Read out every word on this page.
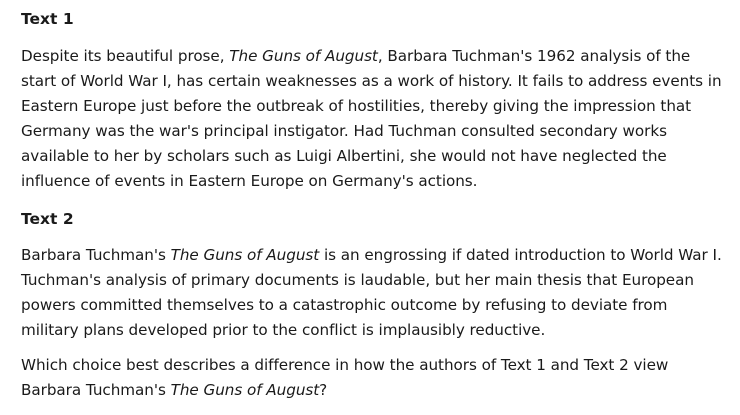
Text 1

Despite its beautiful prose, The Guns of August, Barbara Tuchman's 1962 analysis of the start of World War I, has certain weaknesses as a work of history. It fails to address events in Eastern Europe just before the outbreak of hostilities, thereby giving the impression that Germany was the war's principal instigator. Had Tuchman consulted secondary works available to her by scholars such as Luigi Albertini, she would not have neglected the influence of events in Eastern Europe on Germany's actions.

Text 2

Barbara Tuchman's The Guns of August is an engrossing if dated introduction to World War I. Tuchman's analysis of primary documents is laudable, but her main thesis that European powers committed themselves to a catastrophic outcome by refusing to deviate from military plans developed prior to the conflict is implausibly reductive.

Which choice best describes a difference in how the authors of Text 1 and Text 2 view Barbara Tuchman's The Guns of August?
